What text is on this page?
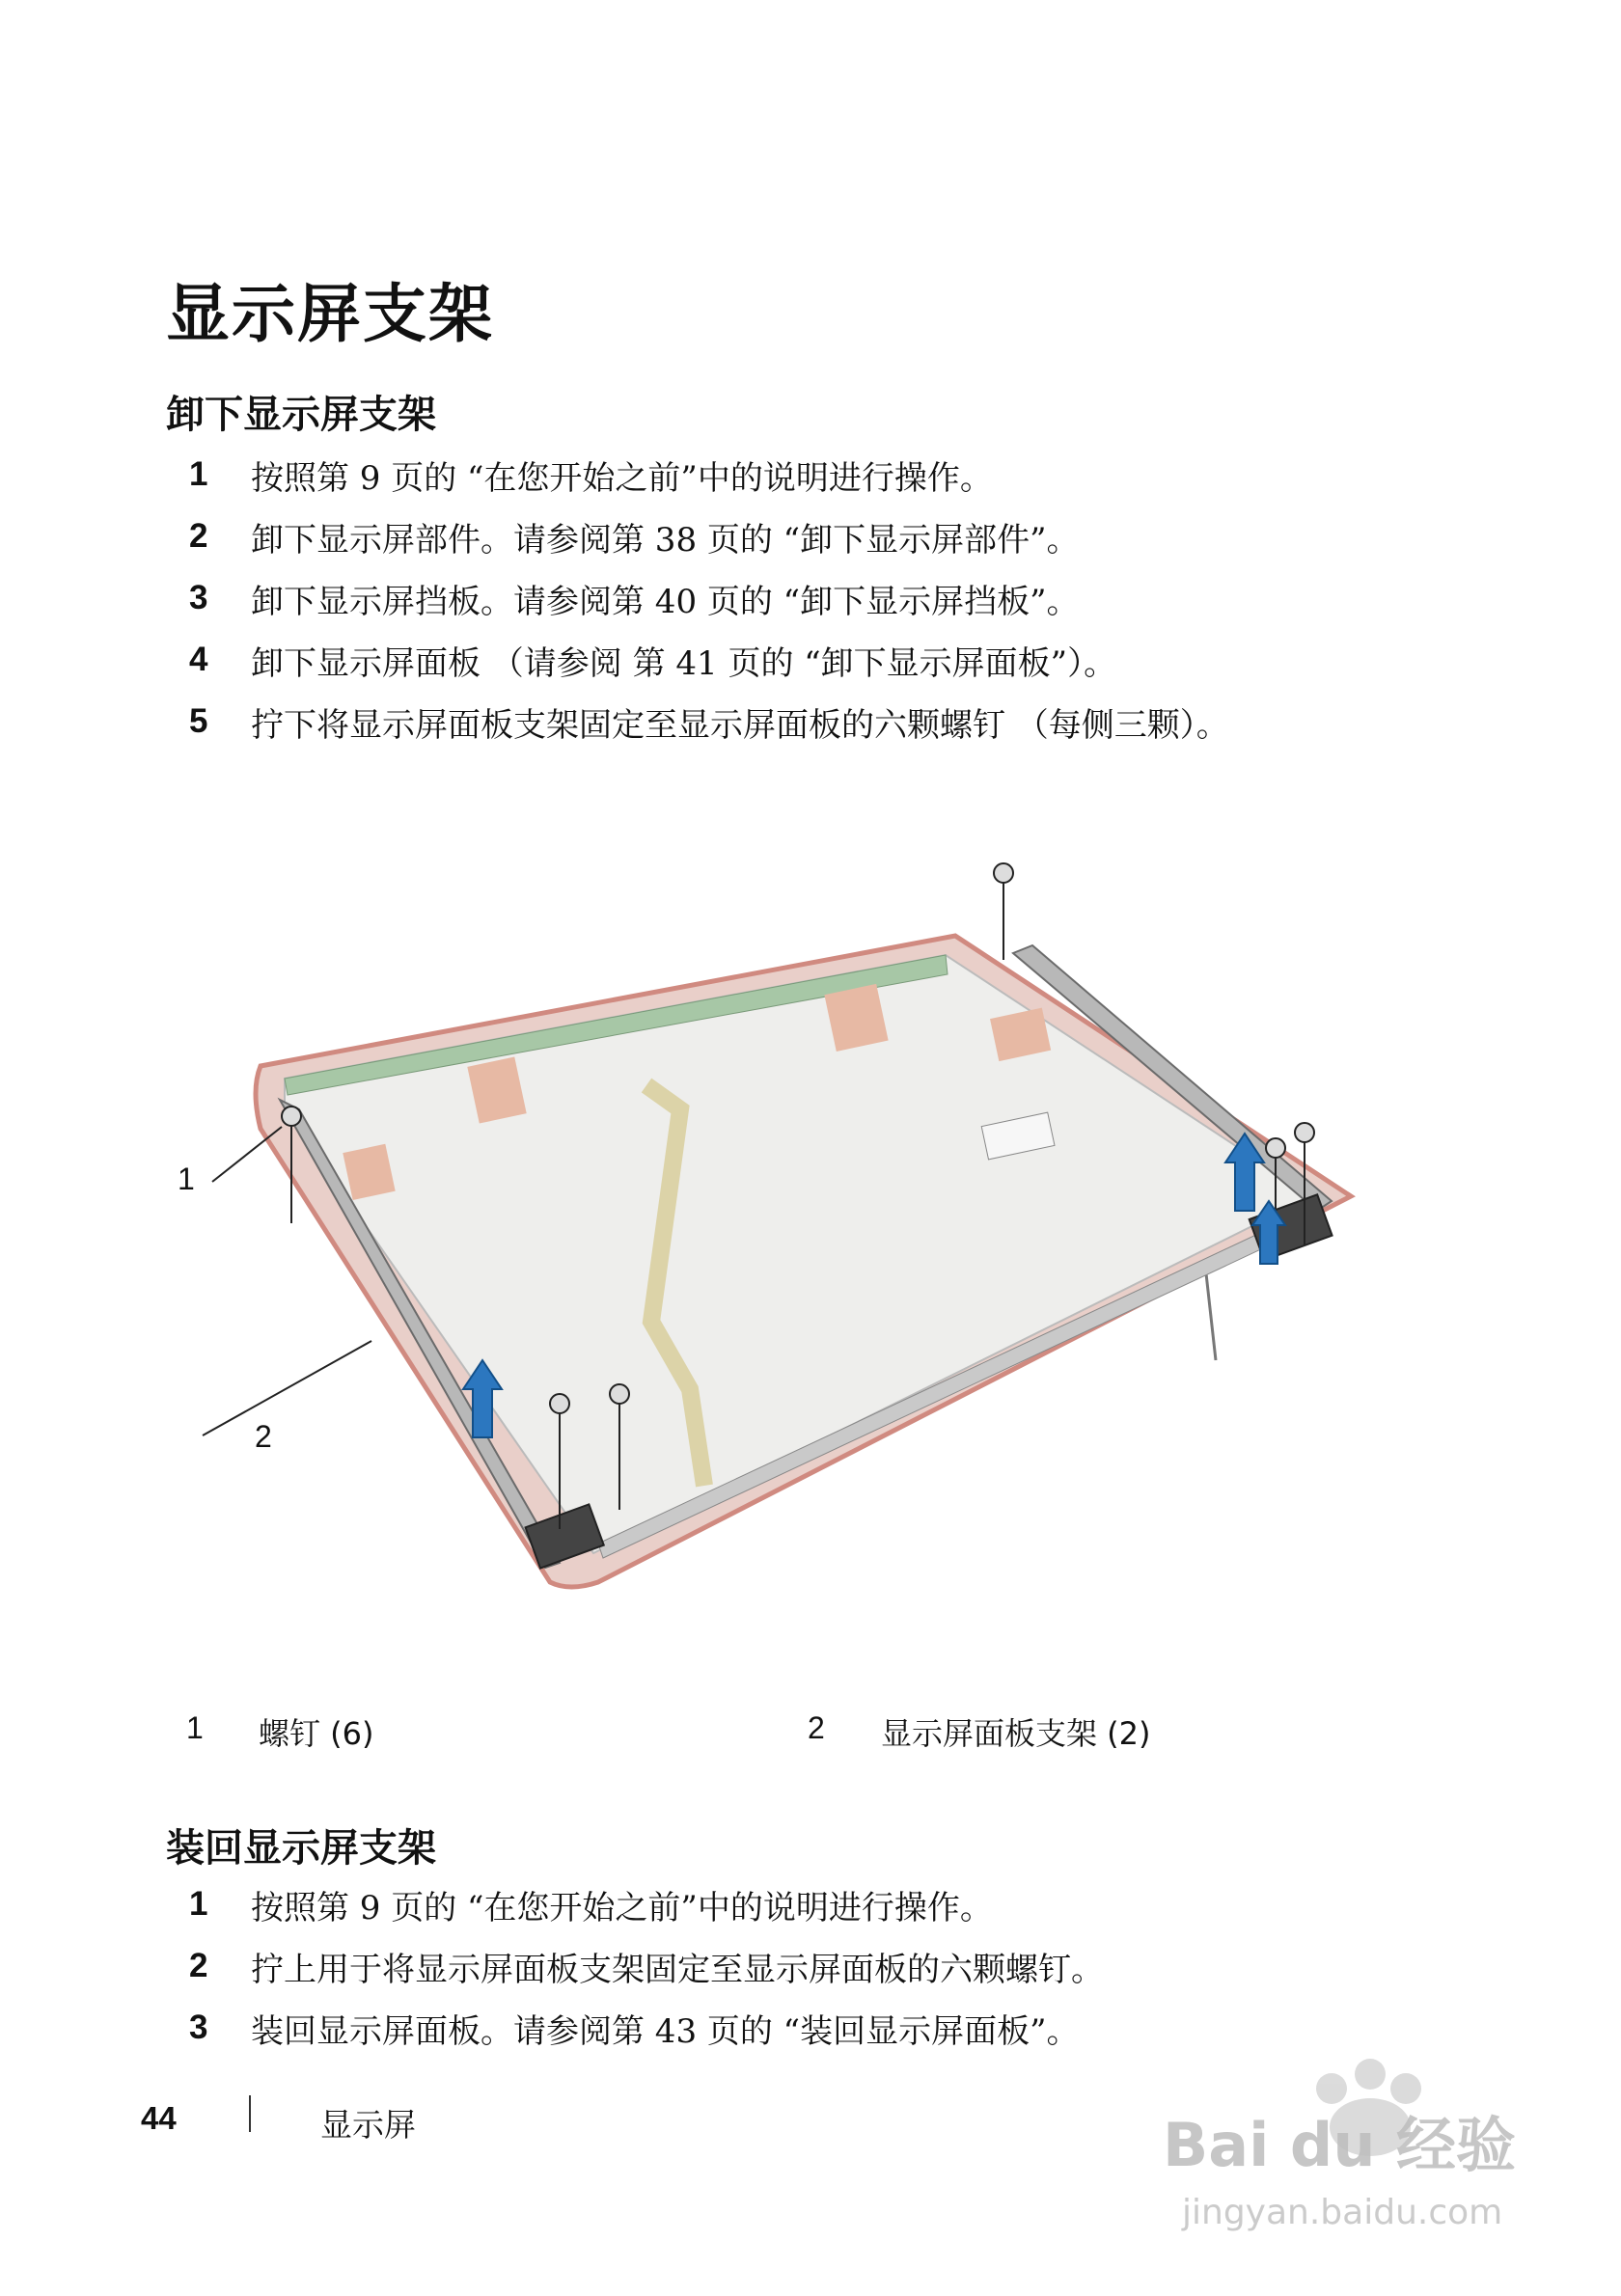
显示屏支架
卸下显示屏支架
1	按照第 9 页的 “在您开始之前”中的说明进行操作。
2	卸下显示屏部件。请参阅第 38 页的 “卸下显示屏部件”。
3	卸下显示屏挡板。请参阅第 40 页的 “卸下显示屏挡板”。
4	卸下显示屏面板 （请参阅 第 41 页的 “卸下显示屏面板”）。
5	拧下将显示屏面板支架固定至显示屏面板的六颗螺钉 （每侧三颗）。
1
2
1 螺钉 (6)	2 显示屏面板支架 (2)
装回显示屏支架
1	按照第 9 页的 “在您开始之前”中的说明进行操作。
2	拧上用于将显示屏面板支架固定至显示屏面板的六颗螺钉。
3	装回显示屏面板。请参阅第 43 页的 “装回显示屏面板”。
44	显示屏	Bai du 经验
jingyan.baidu.com
